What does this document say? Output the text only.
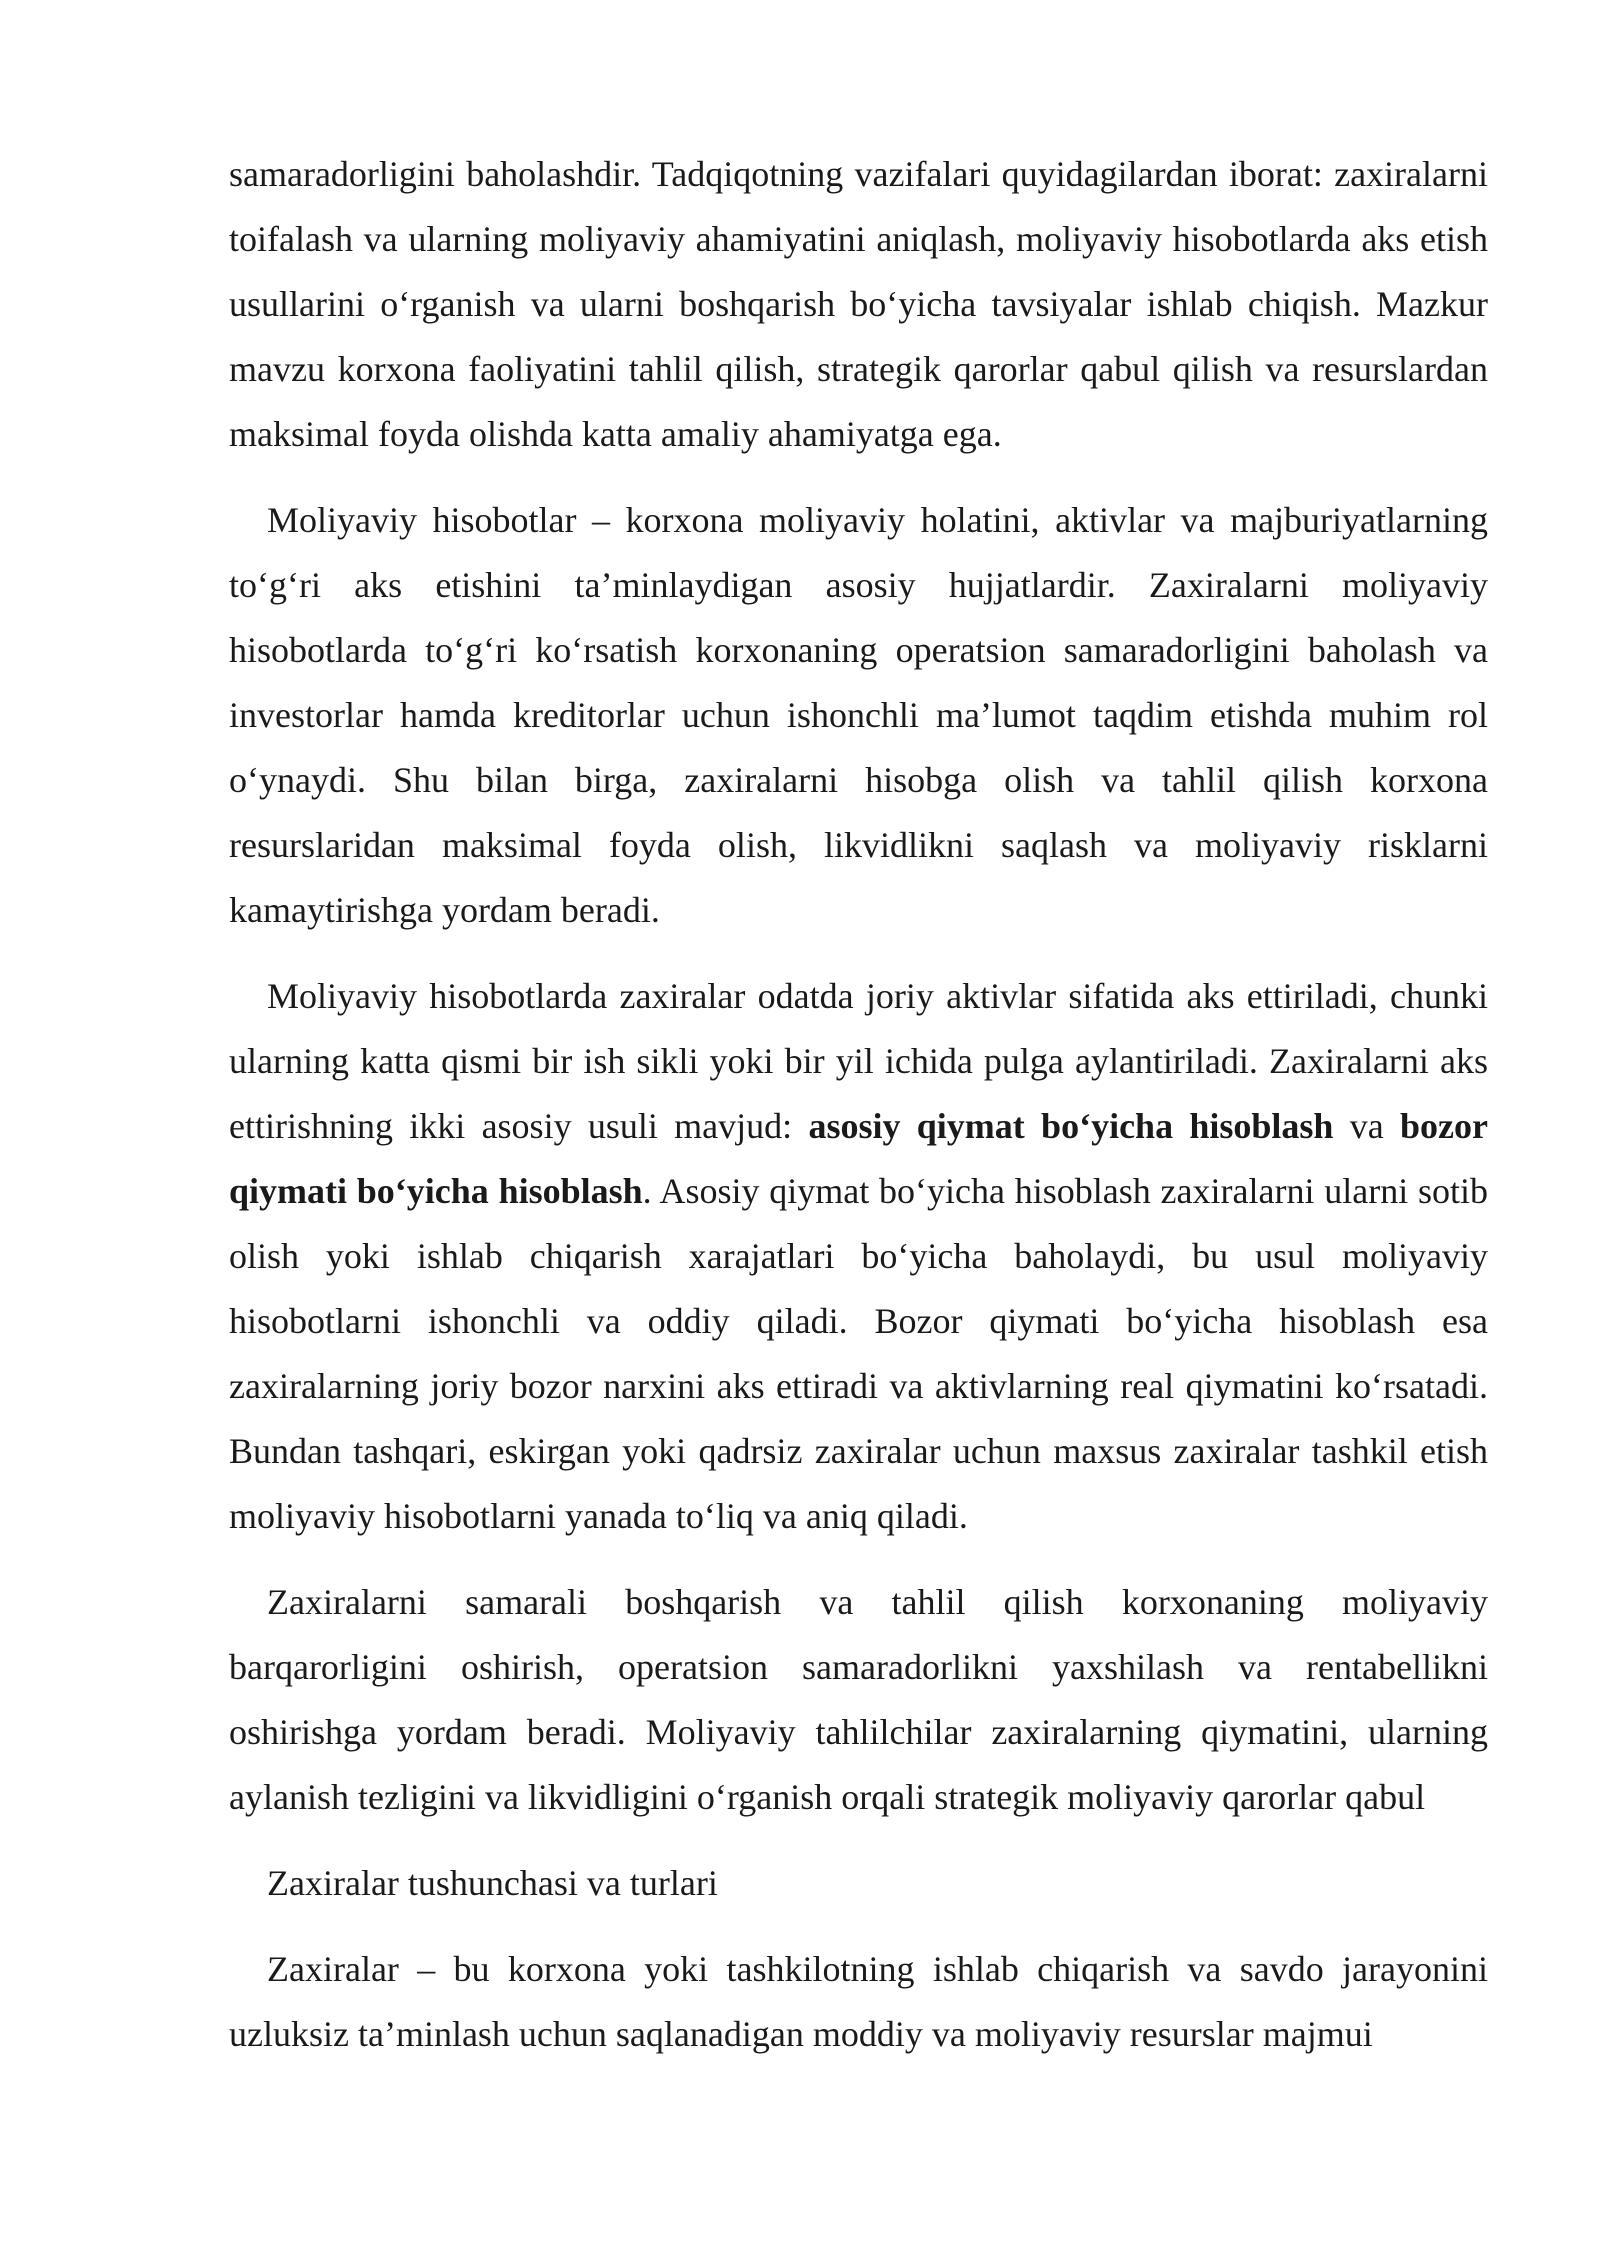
samaradorligini baholashdir. Tadqiqotning vazifalari quyidagilardan iborat: zaxiralarni toifalash va ularning moliyaviy ahamiyatini aniqlash, moliyaviy hisobotlarda aks etish usullarini o‘rganish va ularni boshqarish bo‘yicha tavsiyalar ishlab chiqish. Mazkur mavzu korxona faoliyatini tahlil qilish, strategik qarorlar qabul qilish va resurslardan maksimal foyda olishda katta amaliy ahamiyatga ega.

Moliyaviy hisobotlar – korxona moliyaviy holatini, aktivlar va majburiyatlarning to‘g‘ri aks etishini ta’minlaydigan asosiy hujjatlardir. Zaxiralarni moliyaviy hisobotlarda to‘g‘ri ko‘rsatish korxonaning operatsion samaradorligini baholash va investorlar hamda kreditorlar uchun ishonchli ma’lumot taqdim etishda muhim rol o‘ynaydi. Shu bilan birga, zaxiralarni hisobga olish va tahlil qilish korxona resurslaridan maksimal foyda olish, likvidlikni saqlash va moliyaviy risklarni kamaytirishga yordam beradi.

Moliyaviy hisobotlarda zaxiralar odatda joriy aktivlar sifatida aks ettiriladi, chunki ularning katta qismi bir ish sikli yoki bir yil ichida pulga aylantiriladi. Zaxiralarni aks ettirishning ikki asosiy usuli mavjud: asosiy qiymat bo‘yicha hisoblash va bozor qiymati bo‘yicha hisoblash. Asosiy qiymat bo‘yicha hisoblash zaxiralarni ularni sotib olish yoki ishlab chiqarish xarajatlari bo‘yicha baholaydi, bu usul moliyaviy hisobotlarni ishonchli va oddiy qiladi. Bozor qiymati bo‘yicha hisoblash esa zaxiralarning joriy bozor narxini aks ettiradi va aktivlarning real qiymatini ko‘rsatadi. Bundan tashqari, eskirgan yoki qadrsiz zaxiralar uchun maxsus zaxiralar tashkil etish moliyaviy hisobotlarni yanada to‘liq va aniq qiladi.

Zaxiralarni samarali boshqarish va tahlil qilish korxonaning moliyaviy barqarorligini oshirish, operatsion samaradorlikni yaxshilash va rentabellikni oshirishga yordam beradi. Moliyaviy tahlilchilar zaxiralarning qiymatini, ularning aylanish tezligini va likvidligini o‘rganish orqali strategik moliyaviy qarorlar qabul

Zaxiralar tushunchasi va turlari

Zaxiralar – bu korxona yoki tashkilotning ishlab chiqarish va savdo jarayonini uzluksiz ta’minlash uchun saqlanadigan moddiy va moliyaviy resurslar majmui
